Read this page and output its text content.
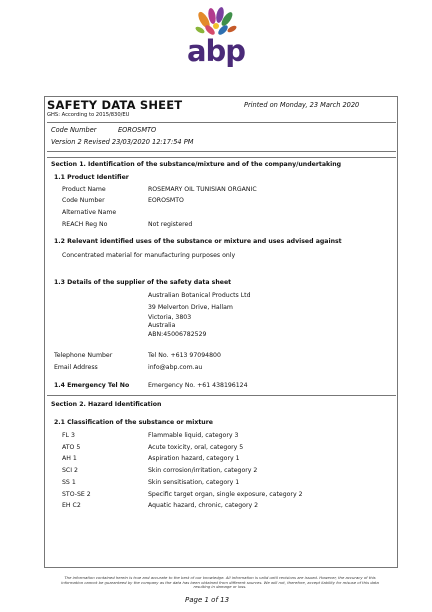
abp
SAFETY DATA SHEET	Printed on Monday, 23 March 2020
GHS: According to 2015/830/EU
Code Number	EOROSMTO
Version 2 Revised 23/03/2020 12:17:54 PM
Section 1. Identification of the substance/mixture and of the company/undertaking
1.1 Product Identifier
Product Name	ROSEMARY OIL TUNISIAN ORGANIC
Code Number	EOROSMTO
Alternative Name
REACH Reg No	Not registered
1.2 Relevant identified uses of the substance or mixture and uses advised against
Concentrated material for manufacturing purposes only
1.3 Details of the supplier of the safety data sheet
Australian Botanical Products Ltd
39 Melverton Drive, Hallam
Victoria, 3803
Australia
ABN:45006782529
Telephone Number	Tel No. +613 97094800
Email Address	info@abp.com.au
1.4 Emergency Tel No	Emergency No. +61 438196124
Section 2. Hazard Identification
2.1 Classification of the substance or mixture
FL 3	Flammable liquid, category 3
ATO 5	Acute toxicity, oral, category 5
AH 1	Aspiration hazard, category 1
SCI 2	Skin corrosion/irritation, category 2
SS 1	Skin sensitisation, category 1
STO-SE 2	Specific target organ, single exposure, category 2
EH C2	Aquatic hazard, chronic, category 2
The information contained herein is true and accurate to the best of our knowledge. All information is valid until revisions are issued. However, the accuracy of this information cannot be guaranteed by the company as the data has been obtained from different sources. We will not, therefore, accept liability for misuse of this data resulting in damage or loss.
Page 1 of 13
